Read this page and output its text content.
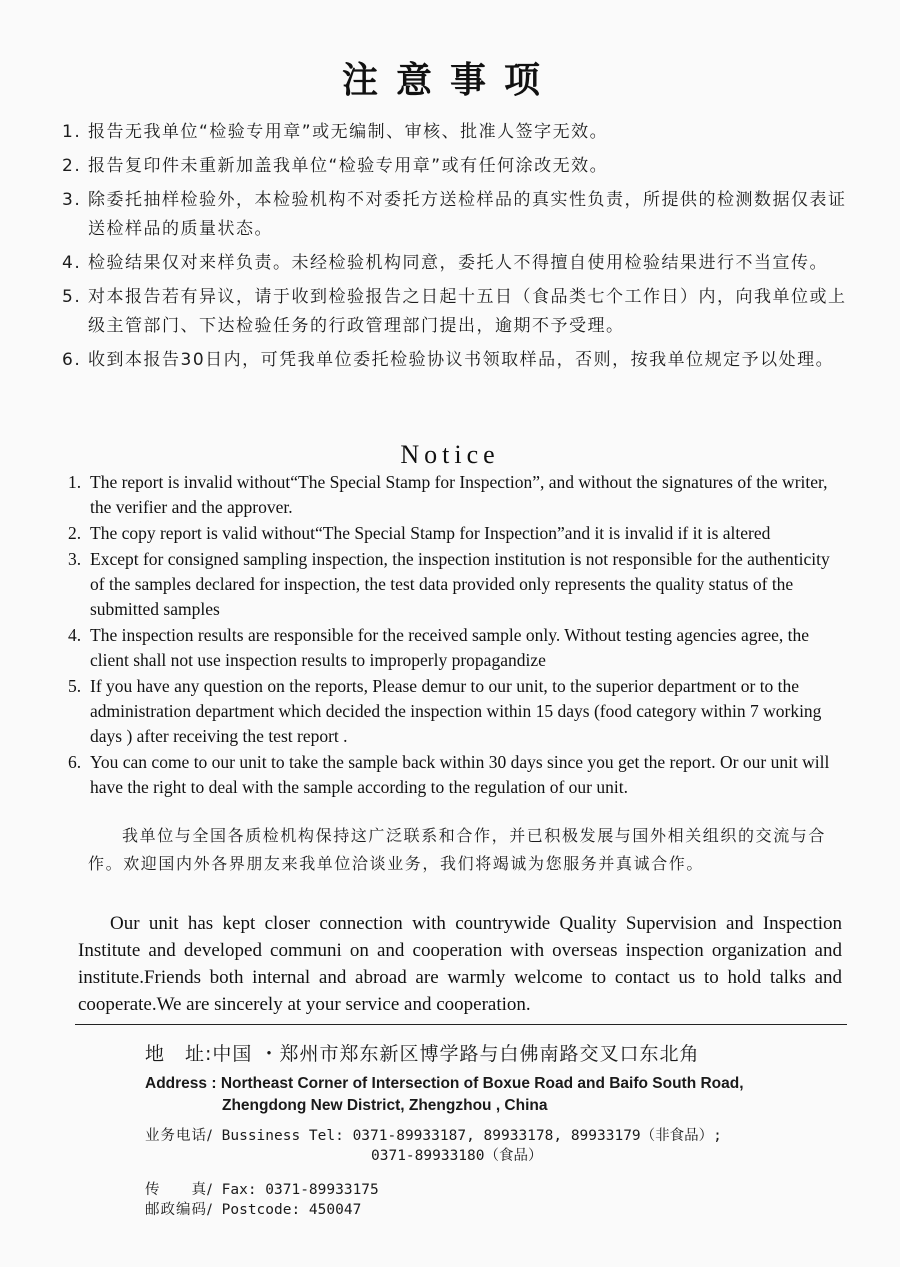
注意事项
1. 报告无我单位“检验专用章”或无编制、审核、批准人签字无效。
2. 报告复印件未重新加盖我单位“检验专用章”或有任何涂改无效。
3. 除委托抽样检验外，本检验机构不对委托方送检样品的真实性负责，所提供的检测数据仅表证送检样品的质量状态。
4. 检验结果仅对来样负责。未经检验机构同意，委托人不得擅自使用检验结果进行不当宣传。
5. 对本报告若有异议，请于收到检验报告之日起十五日（食品类七个工作日）内，向我单位或上级主管部门、下达检验任务的行政管理部门提出，逾期不予受理。
6. 收到本报告30日内，可凭我单位委托检验协议书领取样品，否则，按我单位规定予以处理。
Notice
1. The report is invalid without“The Special Stamp for Inspection”, and without the signatures of the writer, the verifier and the approver.
2. The copy report is valid without“The Special Stamp for Inspection”and it is invalid if it is altered
3. Except for consigned sampling inspection, the inspection institution is not responsible for the authenticity of the samples declared for inspection, the test data provided only represents the quality status of the submitted samples
4. The inspection results are responsible for the received sample only. Without testing agencies agree, the client shall not use inspection results to improperly propagandize
5. If you have any question on the reports, Please demur to our unit, to the superior department or to the administration department which decided the inspection within 15 days (food category within 7 working days ) after receiving the test report .
6. You can come to our unit to take the sample back within 30 days since you get the report. Or our unit will have the right to deal with the sample according to the regulation of our unit.
我单位与全国各质检机构保持这广泛联系和合作，并已积极发展与国外相关组织的交流与合作。欢迎国内外各界朋友来我单位洽谈业务，我们将竭诚为您服务并真诚合作。
Our unit has kept closer connection with countrywide Quality Supervision and Inspection Institute and developed communi on and cooperation with overseas inspection organization and institute.Friends both internal and abroad are warmly welcome to contact us to hold talks and cooperate.We are sincerely at your service and cooperation.
地　址:中国 ・郑州市郑东新区博学路与白佛南路交叉口东北角
Address : Northeast Corner of Intersection of Boxue Road and Baifo South Road,
Zhengdong New District, Zhengzhou , China
业务电话/ Bussiness Tel: 0371-89933187, 89933178, 89933179（非食品）;
0371-89933180（食品）
传　　真/ Fax: 0371-89933175
邮政编码/ Postcode: 450047
